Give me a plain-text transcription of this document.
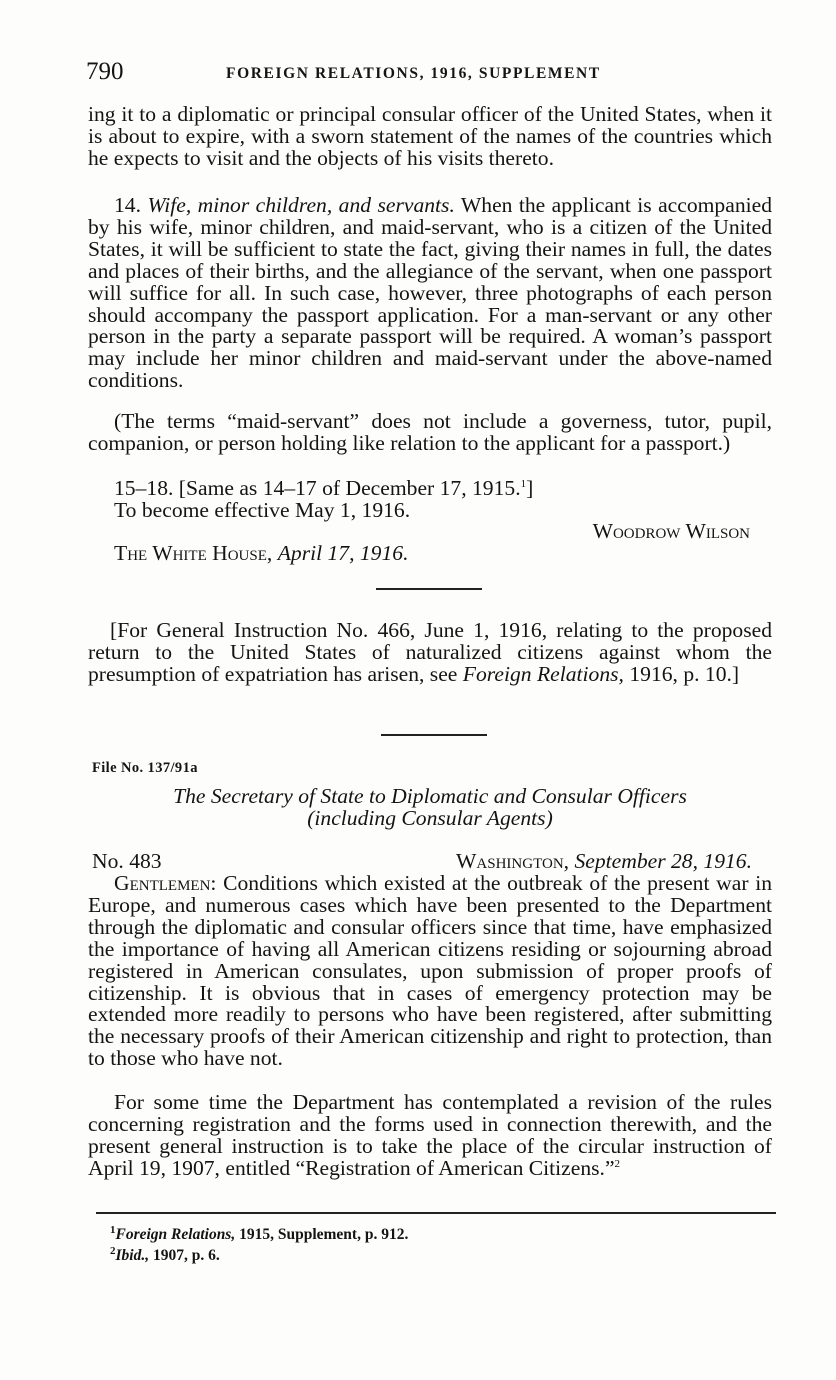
790	FOREIGN RELATIONS, 1916, SUPPLEMENT

ing it to a diplomatic or principal consular officer of the United States, when it is about to expire, with a sworn statement of the names of the countries which he expects to visit and the objects of his visits thereto.

14. Wife, minor children, and servants. When the applicant is accompanied by his wife, minor children, and maid-servant, who is a citizen of the United States, it will be sufficient to state the fact, giving their names in full, the dates and places of their births, and the allegiance of the servant, when one passport will suffice for all. In such case, however, three photographs of each person should accompany the passport application. For a man-servant or any other person in the party a separate passport will be required. A woman’s passport may include her minor children and maid-servant under the above-named conditions.

(The terms “maid-servant” does not include a governess, tutor, pupil, companion, or person holding like relation to the applicant for a passport.)

15–18. [Same as 14–17 of December 17, 1915.$^1$]

To become effective May 1, 1916.

Woodrow Wilson

The White House, April 17, 1916.

[For General Instruction No. 466, June 1, 1916, relating to the proposed return to the United States of naturalized citizens against whom the presumption of expatriation has arisen, see Foreign Relations, 1916, p. 10.]

File No. 137/91a
The Secretary of State to Diplomatic and Consular Officers
(including Consular Agents)
No. 483	Washington, September 28, 1916.

Gentlemen: Conditions which existed at the outbreak of the present war in Europe, and numerous cases which have been presented to the Department through the diplomatic and consular officers since that time, have emphasized the importance of having all American citizens residing or sojourning abroad registered in American consulates, upon submission of proper proofs of citizenship. It is obvious that in cases of emergency protection may be extended more readily to persons who have been registered, after submitting the necessary proofs of their American citizenship and right to protection, than to those who have not.

For some time the Department has contemplated a revision of the rules concerning registration and the forms used in connection therewith, and the present general instruction is to take the place of the circular instruction of April 19, 1907, entitled “Registration of American Citizens.”$^2$

$^1$Foreign Relations, 1915, Supplement, p. 912.
$^2$Ibid., 1907, p. 6.
